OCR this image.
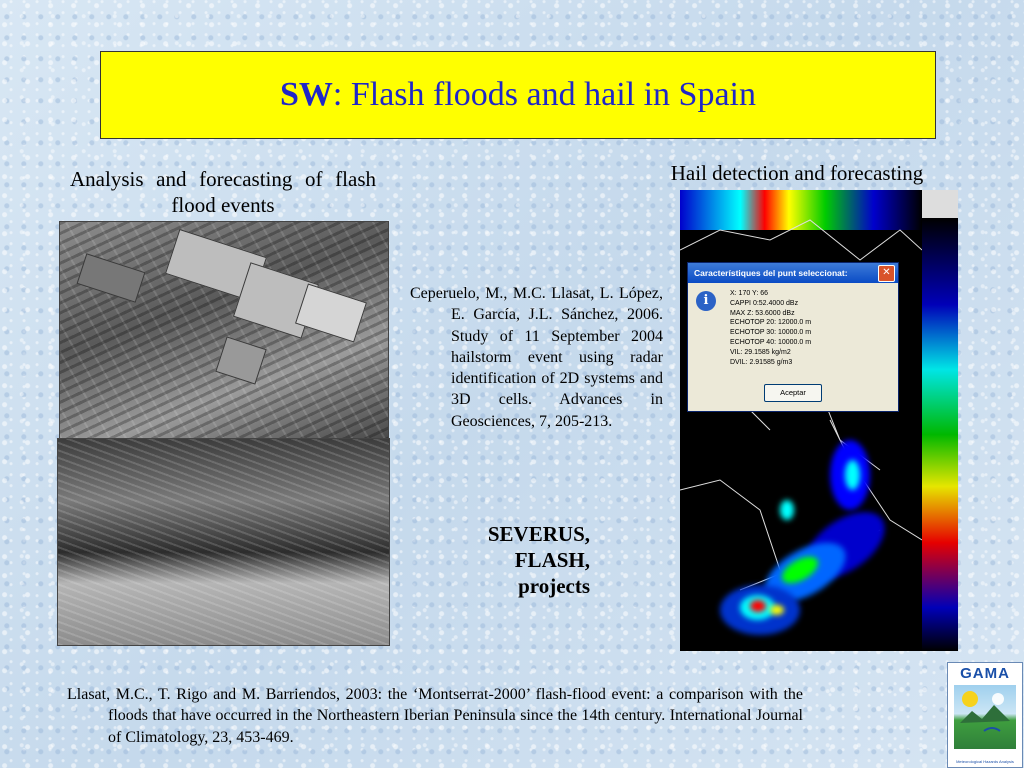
SW : Flash floods and hail in Spain
Analysis and forecasting of flash flood events
Hail detection and forecasting
Ceperuelo, M., M.C. Llasat, L. López, E. García, J.L. Sánchez, 2006. Study of 11 September 2004 hailstorm event using radar identification of 2D systems and 3D cells. Advances in Geosciences, 7, 205-213.
SEVERUS,
FLASH,
projects
Característiques del punt seleccionat:	✕
i	X: 170 Y: 66
CAPPI 0:52.4000 dBz
MAX Z: 53.6000 dBz
ECHOTOP 20: 12000.0 m
ECHOTOP 30: 10000.0 m
ECHOTOP 40: 10000.0 m
VIL: 29.1585 kg/m2
DVIL: 2.91585 g/m3
Aceptar
Llasat, M.C., T. Rigo and M. Barriendos, 2003: the ‘Montserrat-2000’ flash-flood event: a comparison with the floods that have occurred in the Northeastern Iberian Peninsula since the 14th century. International Journal of Climatology, 23, 453-469.
GAMA
Meteorological Hazards Analysis
